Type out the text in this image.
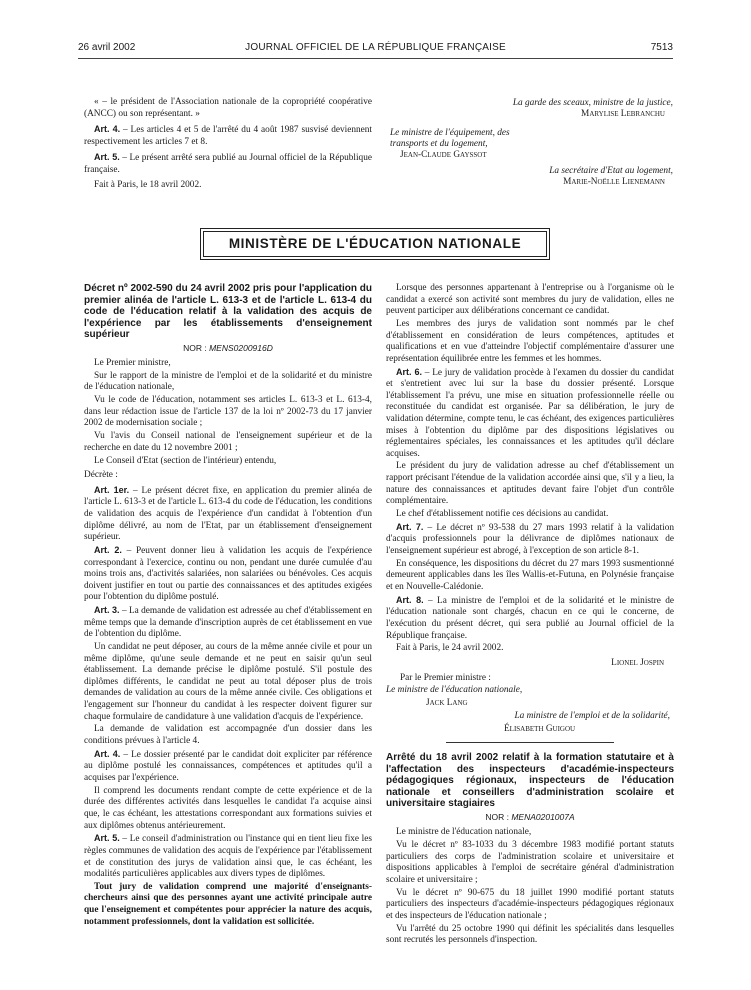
26 avril 2002	JOURNAL OFFICIEL DE LA RÉPUBLIQUE FRANÇAISE	7513

« – le président de l'Association nationale de la copropriété coopérative (ANCC) ou son représentant. »

Art. 4. – Les articles 4 et 5 de l'arrêté du 4 août 1987 susvisé deviennent respectivement les articles 7 et 8.

Art. 5. – Le présent arrêté sera publié au Journal officiel de la République française.

Fait à Paris, le 18 avril 2002.

La garde des sceaux, ministre de la justice,
Marylise Lebranchu
Le ministre de l'équipement, des transports et du logement,
Jean-Claude Gayssot
La secrétaire d'Etat au logement,
Marie-Noëlle Lienemann
MINISTÈRE DE L'ÉDUCATION NATIONALE
Décret nº 2002-590 du 24 avril 2002 pris pour l'application du premier alinéa de l'article L. 613-3 et de l'article L. 613-4 du code de l'éducation relatif à la validation des acquis de l'expérience par les établissements d'enseignement supérieur
NOR : MENS0200916D

Le Premier ministre,

Sur le rapport de la ministre de l'emploi et de la solidarité et du ministre de l'éducation nationale,

Vu le code de l'éducation, notamment ses articles L. 613-3 et L. 613-4, dans leur rédaction issue de l'article 137 de la loi nº 2002-73 du 17 janvier 2002 de modernisation sociale ;

Vu l'avis du Conseil national de l'enseignement supérieur et de la recherche en date du 12 novembre 2001 ;

Le Conseil d'Etat (section de l'intérieur) entendu,

Décrète :

Art. 1er. – Le présent décret fixe, en application du premier alinéa de l'article L. 613-3 et de l'article L. 613-4 du code de l'éducation, les conditions de validation des acquis de l'expérience d'un candidat à l'obtention d'un diplôme délivré, au nom de l'Etat, par un établissement d'enseignement supérieur.

Art. 2. – Peuvent donner lieu à validation les acquis de l'expérience correspondant à l'exercice, continu ou non, pendant une durée cumulée d'au moins trois ans, d'activités salariées, non salariées ou bénévoles. Ces acquis doivent justifier en tout ou partie des connaissances et des aptitudes exigées pour l'obtention du diplôme postulé.

Art. 3. – La demande de validation est adressée au chef d'établissement en même temps que la demande d'inscription auprès de cet établissement en vue de l'obtention du diplôme.

Un candidat ne peut déposer, au cours de la même année civile et pour un même diplôme, qu'une seule demande et ne peut en saisir qu'un seul établissement. La demande précise le diplôme postulé. S'il postule des diplômes différents, le candidat ne peut au total déposer plus de trois demandes de validation au cours de la même année civile. Ces obligations et l'engagement sur l'honneur du candidat à les respecter doivent figurer sur chaque formulaire de candidature à une validation d'acquis de l'expérience.

La demande de validation est accompagnée d'un dossier dans les conditions prévues à l'article 4.

Art. 4. – Le dossier présenté par le candidat doit expliciter par référence au diplôme postulé les connaissances, compétences et aptitudes qu'il a acquises par l'expérience.

Il comprend les documents rendant compte de cette expérience et de la durée des différentes activités dans lesquelles le candidat l'a acquise ainsi que, le cas échéant, les attestations correspondant aux formations suivies et aux diplômes obtenus antérieurement.

Art. 5. – Le conseil d'administration ou l'instance qui en tient lieu fixe les règles communes de validation des acquis de l'expérience par l'établissement et de constitution des jurys de validation ainsi que, le cas échéant, les modalités particulières applicables aux divers types de diplômes.

Tout jury de validation comprend une majorité d'enseignants-chercheurs ainsi que des personnes ayant une activité principale autre que l'enseignement et compétentes pour apprécier la nature des acquis, notamment professionnels, dont la validation est sollicitée.

Lorsque des personnes appartenant à l'entreprise ou à l'organisme où le candidat a exercé son activité sont membres du jury de validation, elles ne peuvent participer aux délibérations concernant ce candidat.

Les membres des jurys de validation sont nommés par le chef d'établissement en considération de leurs compétences, aptitudes et qualifications et en vue d'atteindre l'objectif complémentaire d'assurer une représentation équilibrée entre les femmes et les hommes.

Art. 6. – Le jury de validation procède à l'examen du dossier du candidat et s'entretient avec lui sur la base du dossier présenté. Lorsque l'établissement l'a prévu, une mise en situation professionnelle réelle ou reconstituée du candidat est organisée. Par sa délibération, le jury de validation détermine, compte tenu, le cas échéant, des exigences particulières mises à l'obtention du diplôme par des dispositions législatives ou réglementaires spéciales, les connaissances et les aptitudes qu'il déclare acquises.

Le président du jury de validation adresse au chef d'établissement un rapport précisant l'étendue de la validation accordée ainsi que, s'il y a lieu, la nature des connaissances et aptitudes devant faire l'objet d'un contrôle complémentaire.

Le chef d'établissement notifie ces décisions au candidat.

Art. 7. – Le décret nº 93-538 du 27 mars 1993 relatif à la validation d'acquis professionnels pour la délivrance de diplômes nationaux de l'enseignement supérieur est abrogé, à l'exception de son article 8-1.

En conséquence, les dispositions du décret du 27 mars 1993 susmentionné demeurent applicables dans les îles Wallis-et-Futuna, en Polynésie française et en Nouvelle-Calédonie.

Art. 8. – La ministre de l'emploi et de la solidarité et le ministre de l'éducation nationale sont chargés, chacun en ce qui le concerne, de l'exécution du présent décret, qui sera publié au Journal officiel de la République française.

Fait à Paris, le 24 avril 2002.

Lionel Jospin

Par le Premier ministre :

Le ministre de l'éducation nationale,

Jack Lang

La ministre de l'emploi et de la solidarité,

Élisabeth Guigou

Arrêté du 18 avril 2002 relatif à la formation statutaire et à l'affectation des inspecteurs d'académie-inspecteurs pédagogiques régionaux, inspecteurs de l'éducation nationale et conseillers d'administration scolaire et universitaire stagiaires
NOR : MENA0201007A

Le ministre de l'éducation nationale,

Vu le décret nº 83-1033 du 3 décembre 1983 modifié portant statuts particuliers des corps de l'administration scolaire et universitaire et dispositions applicables à l'emploi de secrétaire général d'administration scolaire et universitaire ;

Vu le décret nº 90-675 du 18 juillet 1990 modifié portant statuts particuliers des inspecteurs d'académie-inspecteurs pédagogiques régionaux et des inspecteurs de l'éducation nationale ;

Vu l'arrêté du 25 octobre 1990 qui définit les spécialités dans lesquelles sont recrutés les personnels d'inspection.
